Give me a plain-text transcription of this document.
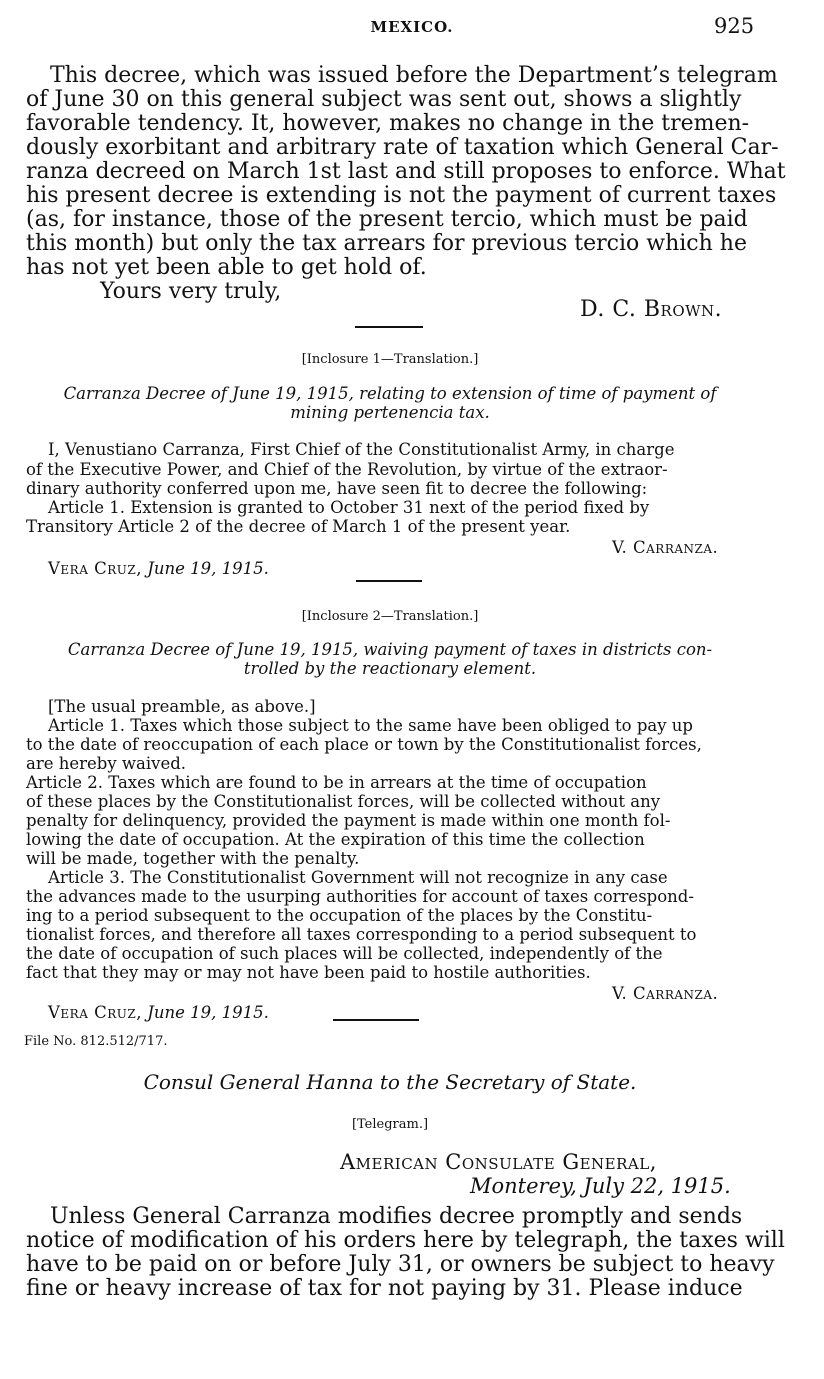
MEXICO.	925
This decree, which was issued before the Department’s telegram
of June 30 on this general subject was sent out, shows a slightly
favorable tendency. It, however, makes no change in the tremen-
dously exorbitant and arbitrary rate of taxation which General Car-
ranza decreed on March 1st last and still proposes to enforce. What
his present decree is extending is not the payment of current taxes
(as, for instance, those of the present tercio, which must be paid
this month) but only the tax arrears for previous tercio which he
has not yet been able to get hold of.
Yours very truly,
D. C. Brown.
[Inclosure 1—Translation.]
Carranza Decree of June 19, 1915, relating to extension of time of payment of
mining pertenencia tax.
I, Venustiano Carranza, First Chief of the Constitutionalist Army, in charge
of the Executive Power, and Chief of the Revolution, by virtue of the extraor-
dinary authority conferred upon me, have seen fit to decree the following:
Article 1. Extension is granted to October 31 next of the period fixed by
Transitory Article 2 of the decree of March 1 of the present year.
V. Carranza.
Vera Cruz, June 19, 1915.
[Inclosure 2—Translation.]
Carranza Decree of June 19, 1915, waiving payment of taxes in districts con-
trolled by the reactionary element.
[The usual preamble, as above.]
Article 1. Taxes which those subject to the same have been obliged to pay up
to the date of reoccupation of each place or town by the Constitutionalist forces,
are hereby waived.
Article 2. Taxes which are found to be in arrears at the time of occupation
of these places by the Constitutionalist forces, will be collected without any
penalty for delinquency, provided the payment is made within one month fol-
lowing the date of occupation. At the expiration of this time the collection
will be made, together with the penalty.
Article 3. The Constitutionalist Government will not recognize in any case
the advances made to the usurping authorities for account of taxes correspond-
ing to a period subsequent to the occupation of the places by the Constitu-
tionalist forces, and therefore all taxes corresponding to a period subsequent to
the date of occupation of such places will be collected, independently of the
fact that they may or may not have been paid to hostile authorities.
V. Carranza.
Vera Cruz, June 19, 1915.
File No. 812.512/717.
Consul General Hanna to the Secretary of State.
[Telegram.]
American Consulate General,
Monterey, July 22, 1915.
Unless General Carranza modifies decree promptly and sends
notice of modification of his orders here by telegraph, the taxes will
have to be paid on or before July 31, or owners be subject to heavy
fine or heavy increase of tax for not paying by 31. Please induce
